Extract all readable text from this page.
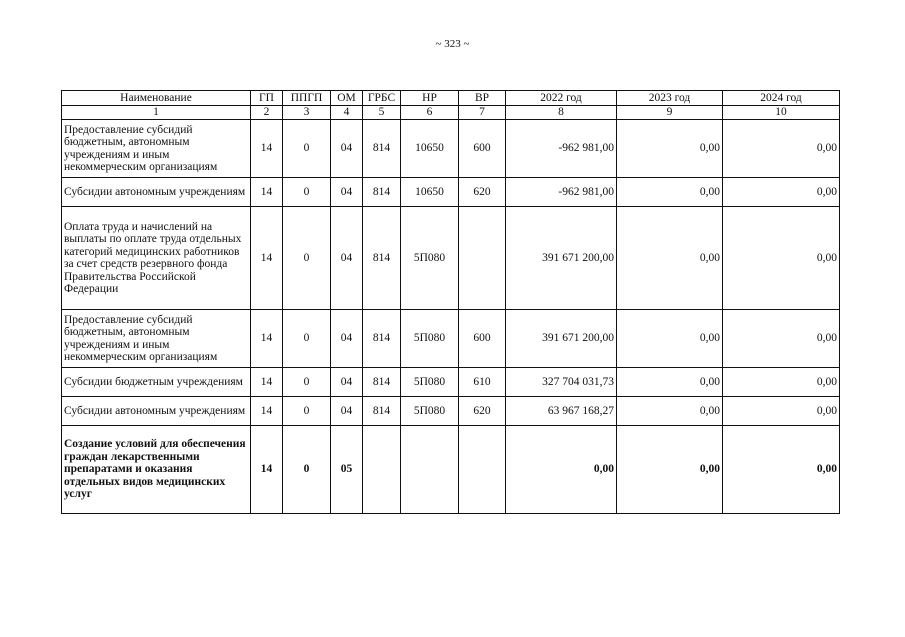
~ 323 ~
Наименование	ГП	ППГП	ОМ	ГРБС	НР	ВР	2022 год	2023 год	2024 год
1	2	3	4	5	6	7	8	9	10
Предоставление субсидий бюджетным, автономным учреждениям и иным некоммерческим организациям	14	0	04	814	10650	600	-962 981,00	0,00	0,00
Субсидии автономным учреждениям	14	0	04	814	10650	620	-962 981,00	0,00	0,00
Оплата труда и начислений на выплаты по оплате труда отдельных категорий медицинских работников за счет средств резервного фонда Правительства Российской Федерации	14	0	04	814	5П080		391 671 200,00	0,00	0,00
Предоставление субсидий бюджетным, автономным учреждениям и иным некоммерческим организациям	14	0	04	814	5П080	600	391 671 200,00	0,00	0,00
Субсидии бюджетным учреждениям	14	0	04	814	5П080	610	327 704 031,73	0,00	0,00
Субсидии автономным учреждениям	14	0	04	814	5П080	620	63 967 168,27	0,00	0,00
Создание условий для обеспечения граждан лекарственными препаратами и оказания отдельных видов медицинских услуг	14	0	05				0,00	0,00	0,00
